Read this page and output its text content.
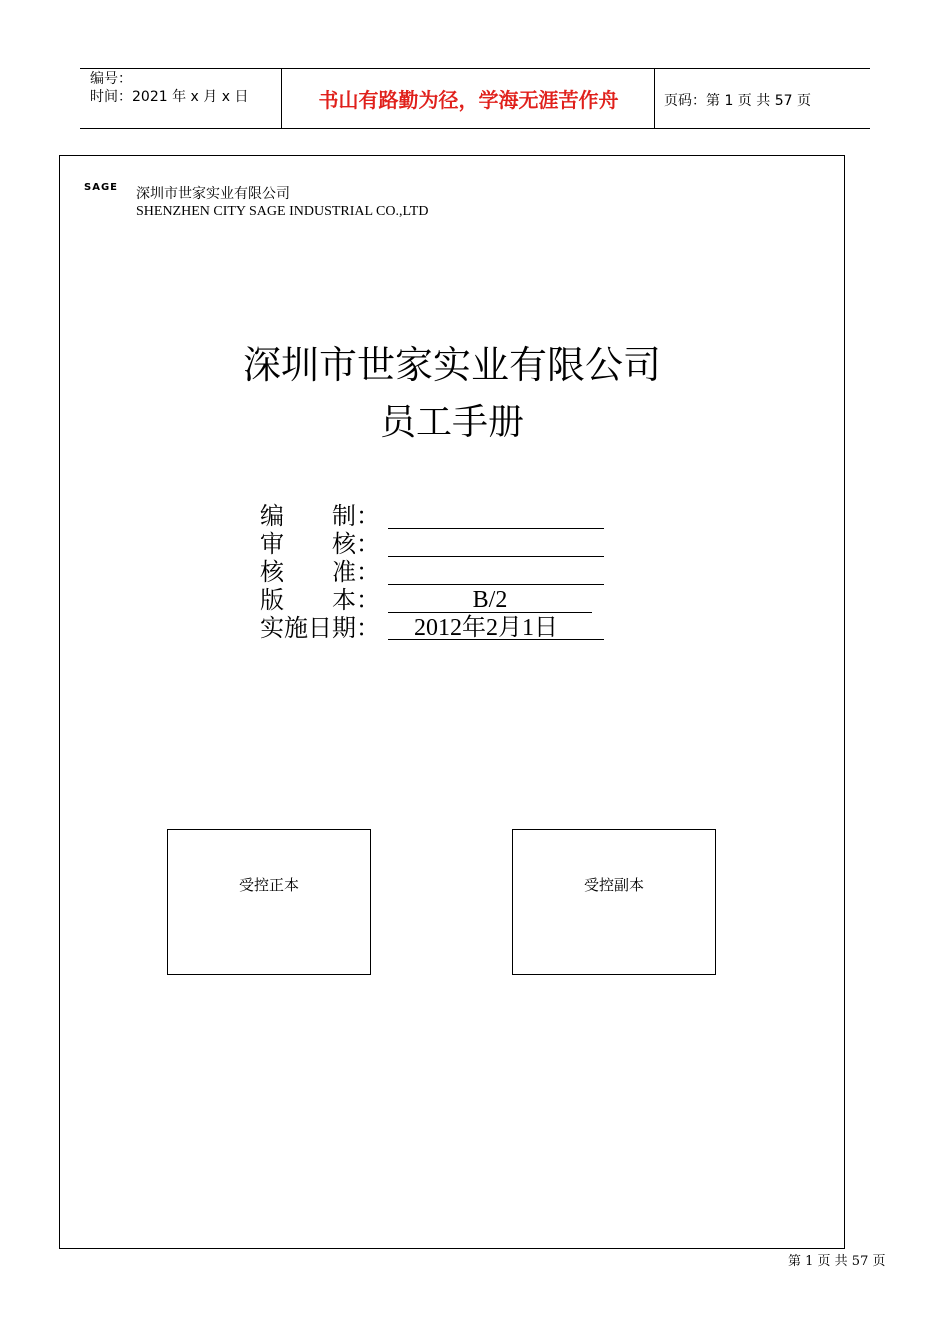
编号：
时间：2021 年 x 月 x 日	书山有路勤为径，学海无涯苦作舟	页码：第 1 页 共 57 页
SAGE 深圳市世家实业有限公司
SHENZHEN CITY SAGE INDUSTRIAL CO.,LTD
深圳市世家实业有限公司
员工手册
编　　制：
审　　核：
核　　准：
版　　本：	B/2
实施日期：	2012年2月1日
受控正本	受控副本
第 1 页 共 57 页
